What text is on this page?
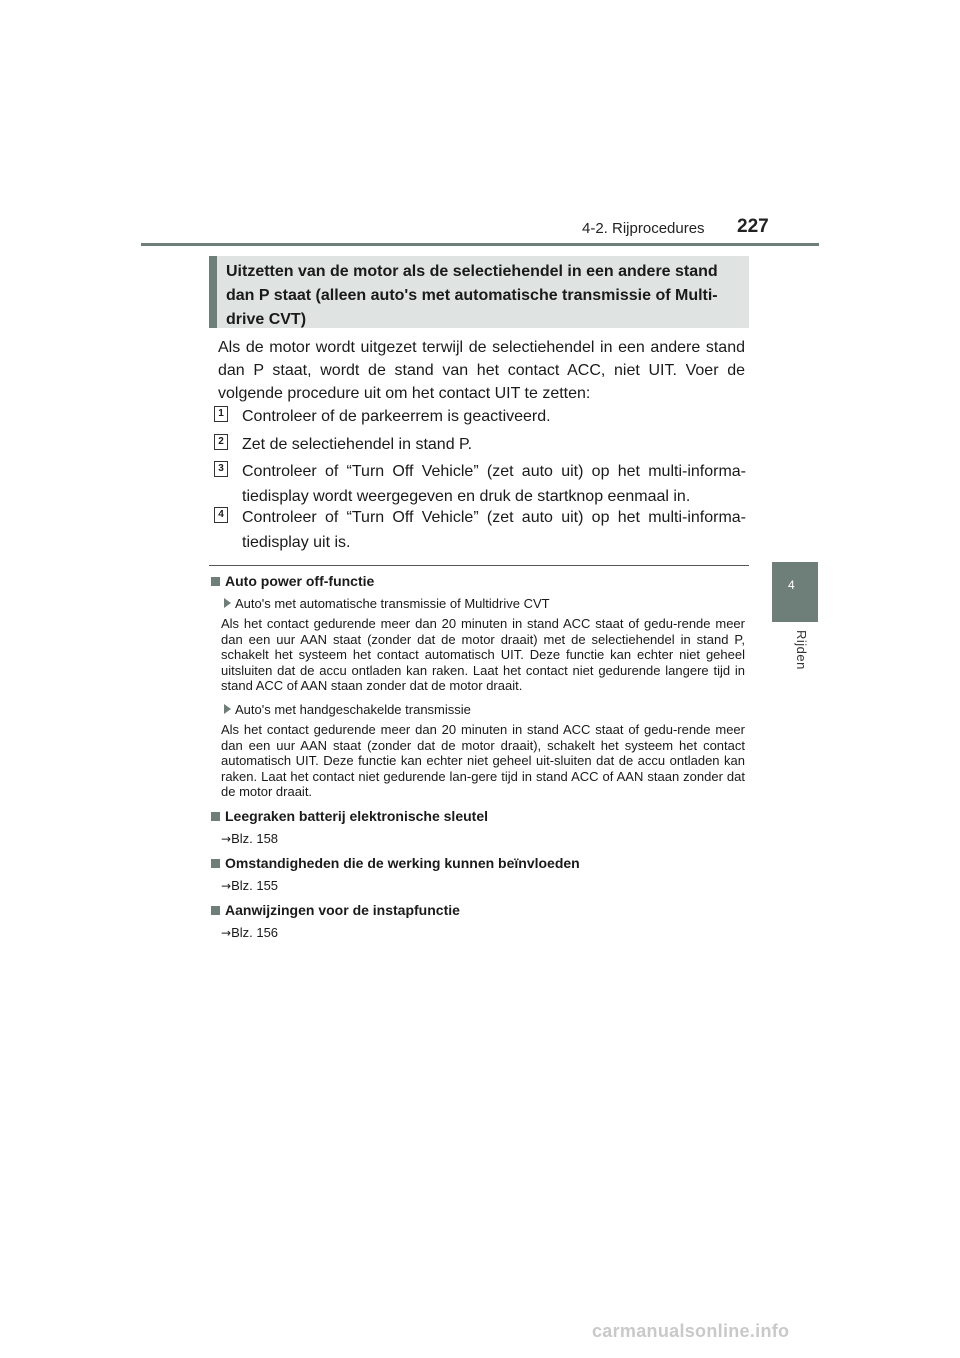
4-2. Rijprocedures 227
4
Rijden
Uitzetten van de motor als de selectiehendel in een andere stand dan P staat (alleen auto's met automatische transmissie of Multi-drive CVT)
Als de motor wordt uitgezet terwijl de selectiehendel in een andere stand dan P staat, wordt de stand van het contact ACC, niet UIT. Voer de volgende procedure uit om het contact UIT te zetten:
1 Controleer of de parkeerrem is geactiveerd.
2 Zet de selectiehendel in stand P.
3 Controleer of “Turn Off Vehicle” (zet auto uit) op het multi-informa-tiedisplay wordt weergegeven en druk de startknop eenmaal in.
4 Controleer of “Turn Off Vehicle” (zet auto uit) op het multi-informa-tiedisplay uit is.
Auto power off-functie
Auto's met automatische transmissie of Multidrive CVT
Als het contact gedurende meer dan 20 minuten in stand ACC staat of gedu-rende meer dan een uur AAN staat (zonder dat de motor draait) met de selectiehendel in stand P, schakelt het systeem het contact automatisch UIT. Deze functie kan echter niet geheel uitsluiten dat de accu ontladen kan raken. Laat het contact niet gedurende langere tijd in stand ACC of AAN staan zonder dat de motor draait.
Auto's met handgeschakelde transmissie
Als het contact gedurende meer dan 20 minuten in stand ACC staat of gedu-rende meer dan een uur AAN staat (zonder dat de motor draait), schakelt het systeem het contact automatisch UIT. Deze functie kan echter niet geheel uit-sluiten dat de accu ontladen kan raken. Laat het contact niet gedurende lan-gere tijd in stand ACC of AAN staan zonder dat de motor draait.
Leegraken batterij elektronische sleutel
→Blz. 158
Omstandigheden die de werking kunnen beïnvloeden
→Blz. 155
Aanwijzingen voor de instapfunctie
→Blz. 156
carmanualsonline.info
